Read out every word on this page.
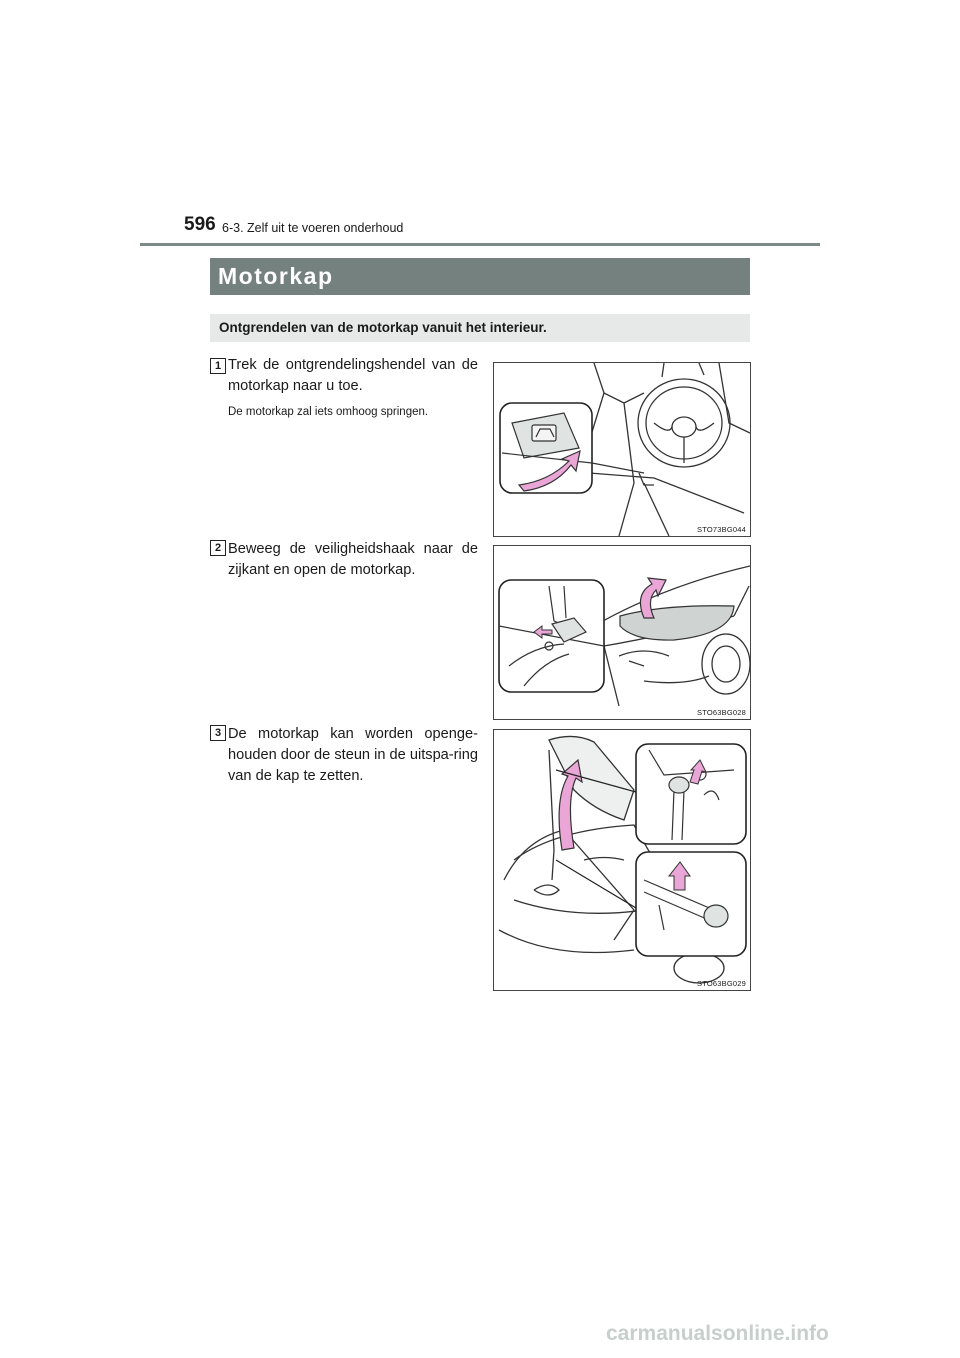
596 6-3. Zelf uit te voeren onderhoud
Motorkap
Ontgrendelen van de motorkap vanuit het interieur.
1 Trek de ontgrendelingshendel van de motorkap naar u toe.
De motorkap zal iets omhoog springen.
STO73BG044
2 Beweeg de veiligheidshaak naar de zijkant en open de motorkap.
STO63BG028
3 De motorkap kan worden openge-houden door de steun in de uitspa-ring van de kap te zetten.
STO63BG029
carmanualsonline.info
